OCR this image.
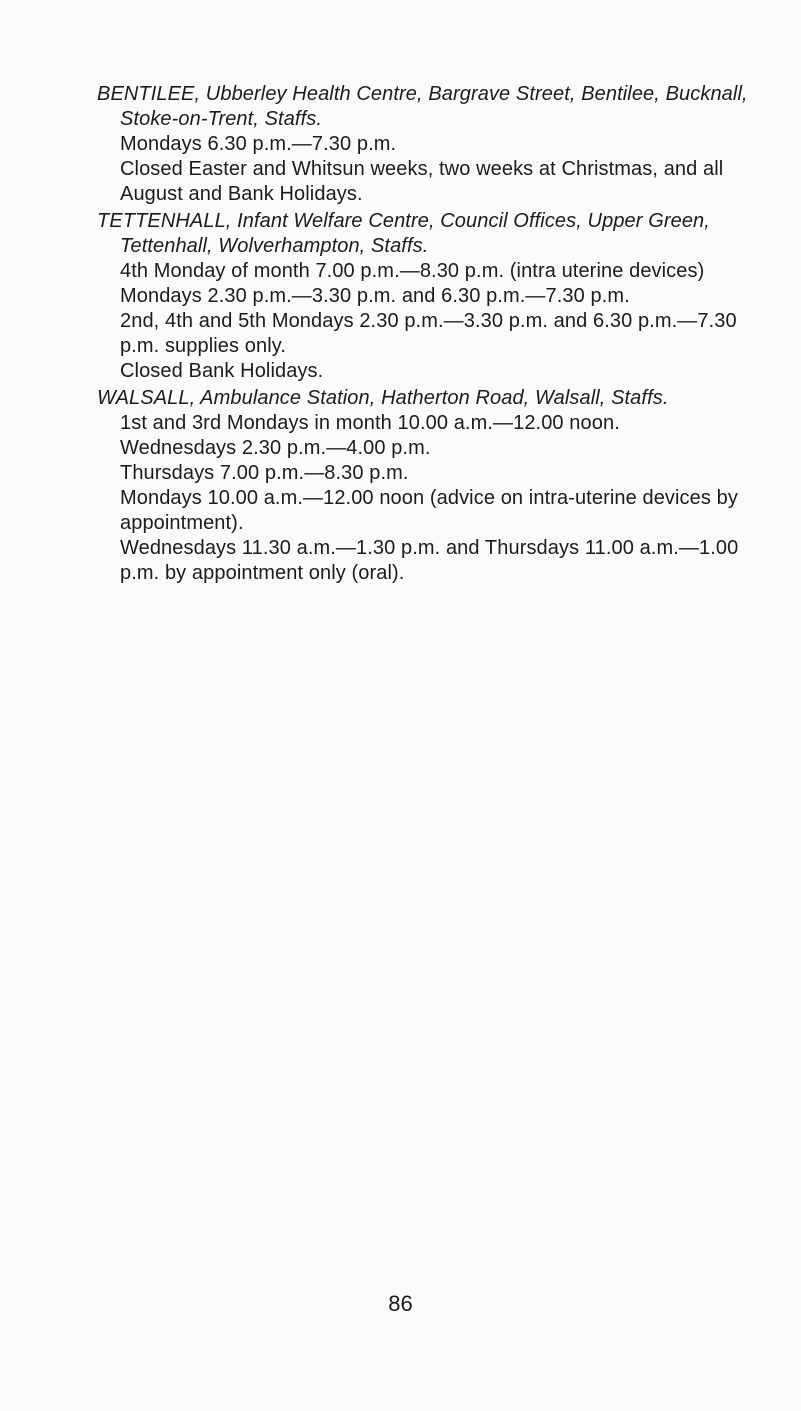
BENTILEE, Ubberley Health Centre, Bargrave Street, Bentilee, Bucknall, Stoke-on-Trent, Staffs.

Mondays 6.30 p.m.—7.30 p.m.

Closed Easter and Whitsun weeks, two weeks at Christmas, and all August and Bank Holidays.

TETTENHALL, Infant Welfare Centre, Council Offices, Upper Green, Tettenhall, Wolverhampton, Staffs.

4th Monday of month 7.00 p.m.—8.30 p.m. (intra uterine devices)

Mondays 2.30 p.m.—3.30 p.m. and 6.30 p.m.—7.30 p.m.

2nd, 4th and 5th Mondays 2.30 p.m.—3.30 p.m. and 6.30 p.m.—7.30 p.m. supplies only.

Closed Bank Holidays.

WALSALL, Ambulance Station, Hatherton Road, Walsall, Staffs.

1st and 3rd Mondays in month 10.00 a.m.—12.00 noon.

Wednesdays 2.30 p.m.—4.00 p.m.

Thursdays 7.00 p.m.—8.30 p.m.

Mondays 10.00 a.m.—12.00 noon (advice on intra-uterine devices by appointment).

Wednesdays 11.30 a.m.—1.30 p.m. and Thursdays 11.00 a.m.—1.00 p.m. by appointment only (oral).

86
